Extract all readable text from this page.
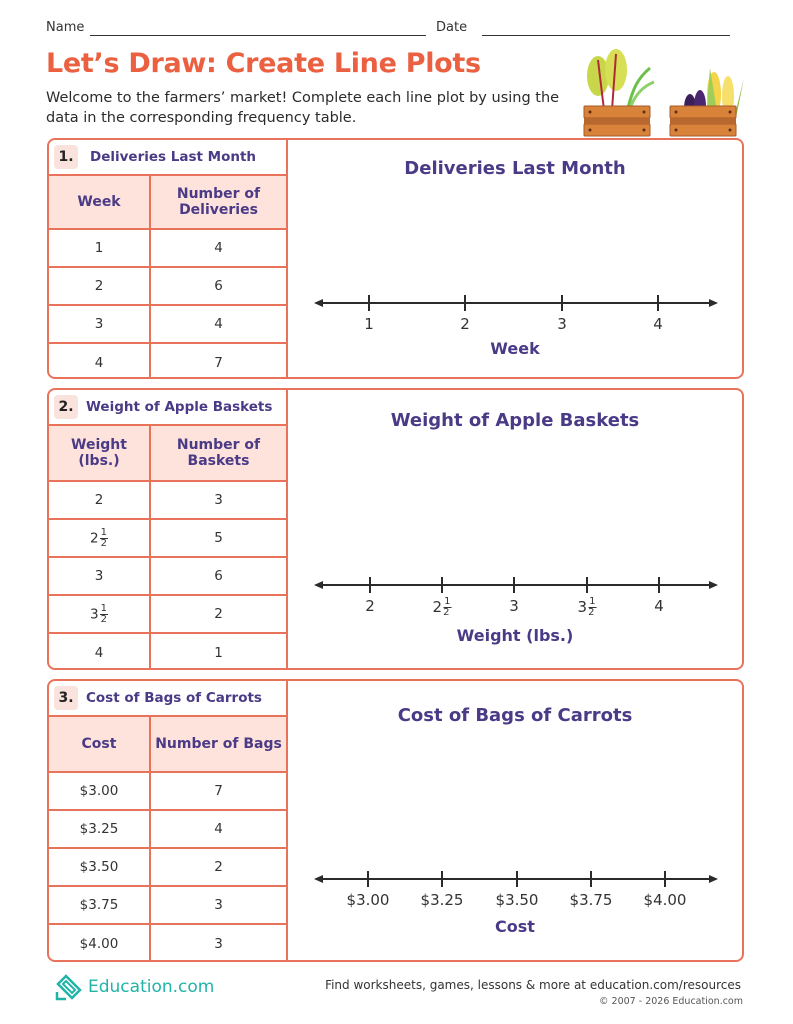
Name	Date
Let’s Draw: Create Line Plots
Welcome to the farmers’ market! Complete each line plot by using the data in the corresponding frequency table.
1.	Deliveries Last Month
Week	Number of Deliveries
1	4
2	6
3	4
4	7
Deliveries Last Month
Week
1	2	3	4
2. Weight of Apple Baskets
Weight (lbs.)	Number of Baskets
2	3
$2 \frac{1}{2}$	5
3	6
$3 \frac{1}{2}$	2
4	1
Weight of Apple Baskets
Weight (lbs.)
2	$2 \frac{1}{2}$	3	$3 \frac{1}{2}$	4
3. Cost of Bags of Carrots
Cost	Number of Bags
$3.00	7
$3.25	4
$3.50	2
$3.75	3
$4.00	3
Cost of Bags of Carrots
Cost
$3.00 $3.25 $3.50 $3.75 $4.00
Education.com	Find worksheets, games, lessons & more at education.com/resources
© 2007 - 2026 Education.com
